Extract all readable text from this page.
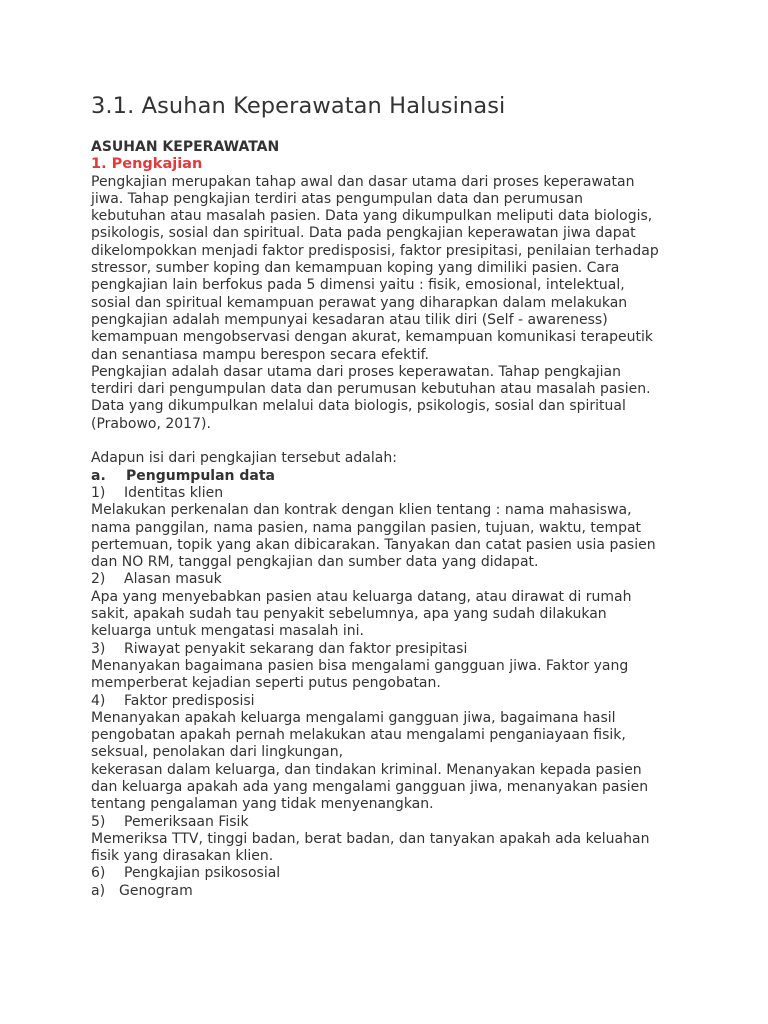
3.1. Asuhan Keperawatan Halusinasi
ASUHAN KEPERAWATAN
1. Pengkajian
Pengkajian merupakan tahap awal dan dasar utama dari proses keperawatan
jiwa. Tahap pengkajian terdiri atas pengumpulan data dan perumusan
kebutuhan atau masalah pasien. Data yang dikumpulkan meliputi data biologis,
psikologis, sosial dan spiritual. Data pada pengkajian keperawatan jiwa dapat
dikelompokkan menjadi faktor predisposisi, faktor presipitasi, penilaian terhadap
stressor, sumber koping dan kemampuan koping yang dimiliki pasien. Cara
pengkajian lain berfokus pada 5 dimensi yaitu : fisik, emosional, intelektual,
sosial dan spiritual kemampuan perawat yang diharapkan dalam melakukan
pengkajian adalah mempunyai kesadaran atau tilik diri (Self - awareness)
kemampuan mengobservasi dengan akurat, kemampuan komunikasi terapeutik
dan senantiasa mampu berespon secara efektif.
Pengkajian adalah dasar utama dari proses keperawatan. Tahap pengkajian
terdiri dari pengumpulan data dan perumusan kebutuhan atau masalah pasien.
Data yang dikumpulkan melalui data biologis, psikologis, sosial dan spiritual
(Prabowo, 2017).
Adapun isi dari pengkajian tersebut adalah:
a. Pengumpulan data
1) Identitas klien
Melakukan perkenalan dan kontrak dengan klien tentang : nama mahasiswa,
nama panggilan, nama pasien, nama panggilan pasien, tujuan, waktu, tempat
pertemuan, topik yang akan dibicarakan. Tanyakan dan catat pasien usia pasien
dan NO RM, tanggal pengkajian dan sumber data yang didapat.
2) Alasan masuk
Apa yang menyebabkan pasien atau keluarga datang, atau dirawat di rumah
sakit, apakah sudah tau penyakit sebelumnya, apa yang sudah dilakukan
keluarga untuk mengatasi masalah ini.
3) Riwayat penyakit sekarang dan faktor presipitasi
Menanyakan bagaimana pasien bisa mengalami gangguan jiwa. Faktor yang
memperberat kejadian seperti putus pengobatan.
4) Faktor predisposisi
Menanyakan apakah keluarga mengalami gangguan jiwa, bagaimana hasil
pengobatan apakah pernah melakukan atau mengalami penganiayaan fisik,
seksual, penolakan dari lingkungan,
kekerasan dalam keluarga, dan tindakan kriminal. Menanyakan kepada pasien
dan keluarga apakah ada yang mengalami gangguan jiwa, menanyakan pasien
tentang pengalaman yang tidak menyenangkan.
5) Pemeriksaan Fisik
Memeriksa TTV, tinggi badan, berat badan, dan tanyakan apakah ada keluahan
fisik yang dirasakan klien.
6) Pengkajian psikososial
a) Genogram
